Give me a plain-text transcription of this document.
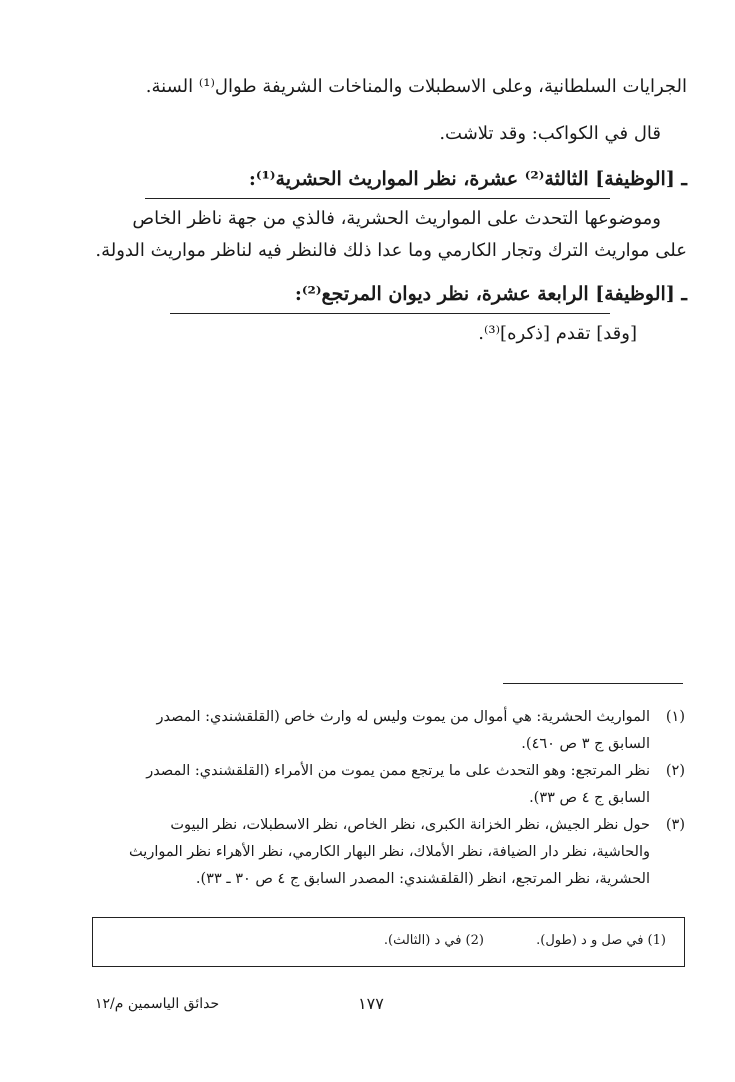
الجرايات السلطانية، وعلى الاسطبلات والمناخات الشريفة طوال⁽¹⁾ السنة.
قال في الكواكب: وقد تلاشت.
ـ [الوظيفة] الثالثة⁽²⁾ عشرة، نظر المواريث الحشرية⁽¹⁾:
وموضوعها التحدث على المواريث الحشرية، فالذي من جهة ناظر الخاص
على مواريث الترك وتجار الكارمي وما عدا ذلك فالنظر فيه لناظر مواريث الدولة.
ـ [الوظيفة] الرابعة عشرة، نظر ديوان المرتجع⁽²⁾:
[وقد] تقدم [ذكره]⁽³⁾.
(١)
المواريث الحشرية: هي أموال من يموت وليس له وارث خاص (القلقشندي: المصدر
السابق ج ٣ ص ٤٦٠).
(٢)
نظر المرتجع: وهو التحدث على ما يرتجع ممن يموت من الأمراء (القلقشندي: المصدر
السابق ج ٤ ص ٣٣).
(٣)
حول نظر الجيش، نظر الخزانة الكبرى، نظر الخاص، نظر الاسطبلات، نظر البيوت
والحاشية، نظر دار الضيافة، نظر الأملاك، نظر البهار الكارمي، نظر الأهراء نظر المواريث
الحشرية، نظر المرتجع، انظر (القلقشندي: المصدر السابق ج ٤ ص ٣٠ ـ ٣٣).
(1) في صل و د (طول).
(2) في د (الثالث).
١٧٧
حدائق الياسمين م/١٢
